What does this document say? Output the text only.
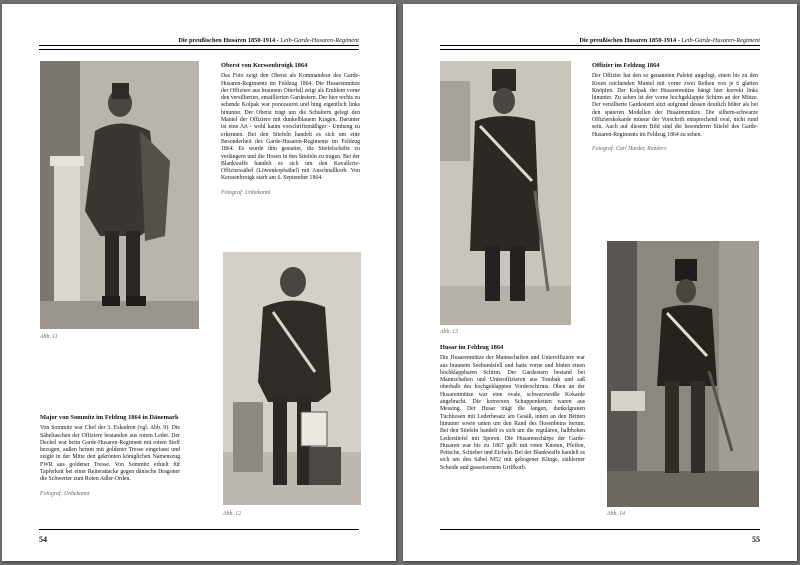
Die preußischen Husaren 1850-1914 - Leib-Garde-Husaren-Regiment
Abb. 11
Oberst von Kerssenbroigk 1864

Das Foto zeigt den Oberst als Kommandeur des Garde-Husaren-Regiments im Feldzug 1864. Die Husarenmütze der Offiziere aus braunem Otterfell zeigt als Emblem vorne den versilberten, emaillierten Gardestern. Der hier rechts zu sehende Kolpak war ponceaurot und hing eigentlich links hinunter. Der Oberst trägt um die Schultern gelegt den Mantel der Offiziere mit dunkelblauem Kragen. Darunter ist eine Art - wohl kaum vorschriftsmäßiger - Umhang zu erkennen. Bei den Stiefeln handelt es sich um eine Besonderheit des Garde-Husaren-Regiments im Feldzug 1864. Es wurde ihm gestattet, die Stiefelschäfte zu verlängern und die Hosen in den Stiefeln zu tragen. Bei der Blankwaffe handelt es sich um den Kavallerie-Offizierssäbel (Löwenkopfsäbel) mit Anschnallkorb. Von Kerssenbroigk starb am 6. September 1864.

Fotograf: Unbekannt
Abb. 12
Major von Sommitz im Feldzug 1864 in Dänemark

Von Sommitz war Chef der 3. Eskadron (vgl. Abb. 9). Die Säbeltaschen der Offiziere bestanden aus rotem Leder. Der Deckel war beim Garde-Husaren-Regiment mit rotem Stoff bezogen, außen herum mit goldener Tresse eingefasst und zeigte in der Mitte den gekrönten königlichen Namenszug FWR aus goldener Tresse. Von Sommitz erhielt für Tapferkeit bei einer Reiterattacke gegen dänische Dragoner die Schwerter zum Roten Adler-Orden.

Fotograf: Unbekannt
54
Die preußischen Husaren 1850-1914 - Leib-Garde-Husaren-Regiment
Abb. 13
Offizier im Feldzug 1864

Der Offizier hat den so genannten Paletot angelegt, einen bis zu den Knien reichenden Mantel mit vorne zwei Reihen von je 6 glatten Knöpfen. Der Kolpak der Husarenmütze hängt hier korrekt links hinunter. Zu sehen ist der vorne hochgeklappte Schirm an der Mütze. Der versilberte Gardestern sitzt aufgrund dessen deutlich höher als bei den späteren Modellen der Husarenmütze. Die silbern-schwarze Offizierskokarde müsste der Vorschrift entsprechend oval, nicht rund sein. Auch auf diesem Bild sind die besonderen Stiefel des Garde-Husaren-Regiments im Feldzug 1864 zu sehen.

Fotograf: Carl Harder, Randers
Husar im Feldzug 1864

Die Husarenmütze der Mannschaften und Unteroffiziere war aus braunem Seehundsfell und hatte vorne und hinten einen hochklappbaren Schirm. Der Gardestern bestand bei Mannschaften und Unteroffizieren aus Tombak und saß oberhalb des hochgeklappten Vorderschirms. Oben an der Husarenmütze war eine ovale, schwarzweiße Kokarde angebracht. Die konvexen Schuppenketten waren aus Messing. Der Husar trägt die langen, dunkelgrauen Tuchhosen mit Lederbesatz am Gesäß, innen an den Beinen hinunter sowie unten um den Rand des Hosenbeins herum. Bei den Stiefeln handelt es sich um die regulären, halbhohen Lederstiefel mit Sporen. Die Husarenschärpe der Garde-Husaren war bis zu 1867 gelb mit roten Knoten, Pfeifen, Peitsche, Schieber und Eicheln. Bei der Blankwaffe handelt es sich um den Säbel M52 mit gebogener Klinge, stählerner Scheide und gusseisernem Griffkorb.

Abb. 14
55
